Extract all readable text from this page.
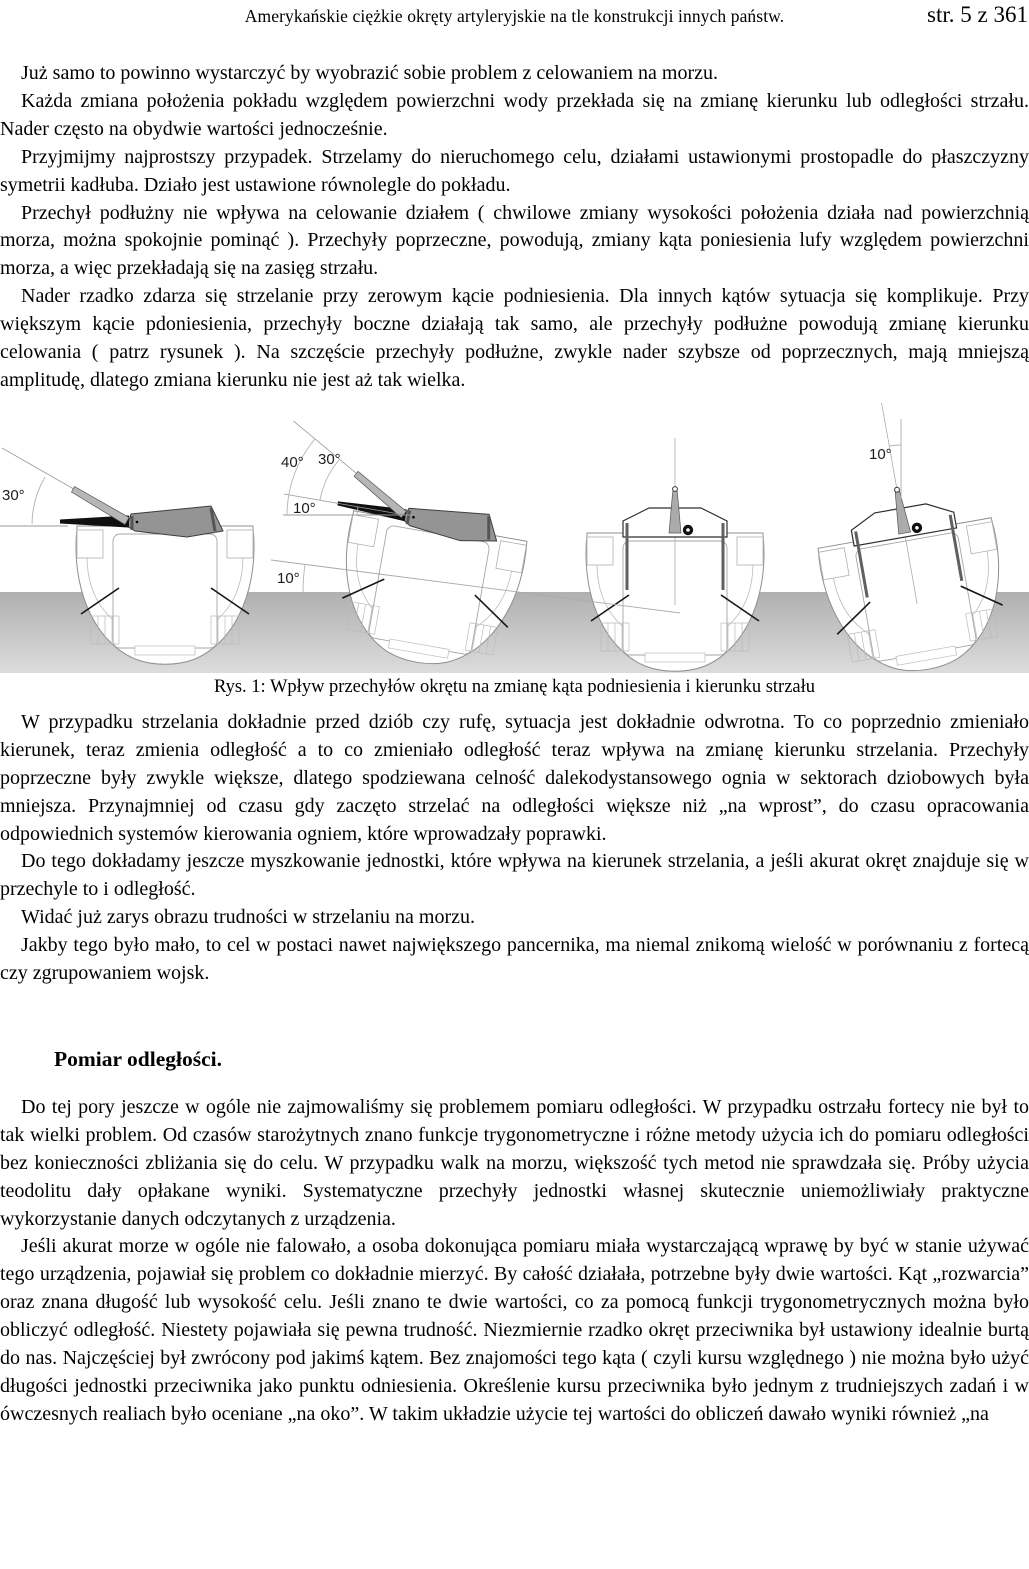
Amerykańskie ciężkie okręty artyleryjskie na tle konstrukcji innych państw.	str. 5 z 361

Już samo to powinno wystarczyć by wyobrazić sobie problem z celowaniem na morzu.

Każda zmiana położenia pokładu względem powierzchni wody przekłada się na zmianę kierunku lub odległości strzału. Nader często na obydwie wartości jednocześnie.

Przyjmijmy najprostszy przypadek. Strzelamy do nieruchomego celu, działami ustawionymi prostopadle do płaszczyzny symetrii kadłuba. Działo jest ustawione równolegle do pokładu.

Przechył podłużny nie wpływa na celowanie działem ( chwilowe zmiany wysokości położenia działa nad powierzchnią morza, można spokojnie pominąć ). Przechyły poprzeczne, powodują, zmiany kąta poniesienia lufy względem powierzchni morza, a więc przekładają się na zasięg strzału.

Nader rzadko zdarza się strzelanie przy zerowym kącie podniesienia. Dla innych kątów sytuacja się komplikuje. Przy większym kącie pdoniesienia, przechyły boczne działają tak samo, ale przechyły podłużne powodują zmianę kierunku celowania ( patrz rysunek ). Na szczęście przechyły podłużne, zwykle nader szybsze od poprzecznych, mają mniejszą amplitudę, dlatego zmiana kierunku nie jest aż tak wielka.

30°
40° 30°
10°
10°
10°
Rys. 1: Wpływ przechyłów okrętu na zmianę kąta podniesienia i kierunku strzału

W przypadku strzelania dokładnie przed dziób czy rufę, sytuacja jest dokładnie odwrotna. To co poprzednio zmieniało kierunek, teraz zmienia odległość a to co zmieniało odległość teraz wpływa na zmianę kierunku strzelania. Przechyły poprzeczne były zwykle większe, dlatego spodziewana celność dalekodystansowego ognia w sektorach dziobowych była mniejsza. Przynajmniej od czasu gdy zaczęto strzelać na odległości większe niż „na wprost”, do czasu opracowania odpowiednich systemów kierowania ogniem, które wprowadzały poprawki.

Do tego dokładamy jeszcze myszkowanie jednostki, które wpływa na kierunek strzelania, a jeśli akurat okręt znajduje się w przechyle to i odległość.

Widać już zarys obrazu trudności w strzelaniu na morzu.

Jakby tego było mało, to cel w postaci nawet największego pancernika, ma niemal znikomą wielość w porównaniu z fortecą czy zgrupowaniem wojsk.

Pomiar odległości.

Do tej pory jeszcze w ogóle nie zajmowaliśmy się problemem pomiaru odległości. W przypadku ostrzału fortecy nie był to tak wielki problem. Od czasów starożytnych znano funkcje trygonometryczne i różne metody użycia ich do pomiaru odległości bez konieczności zbliżania się do celu. W przypadku walk na morzu, większość tych metod nie sprawdzała się. Próby użycia teodolitu dały opłakane wyniki. Systematyczne przechyły jednostki własnej skutecznie uniemożliwiały praktyczne wykorzystanie danych odczytanych z urządzenia.

Jeśli akurat morze w ogóle nie falowało, a osoba dokonująca pomiaru miała wystarczającą wprawę by być w stanie używać tego urządzenia, pojawiał się problem co dokładnie mierzyć. By całość działała, potrzebne były dwie wartości. Kąt „rozwarcia” oraz znana długość lub wysokość celu. Jeśli znano te dwie wartości, co za pomocą funkcji trygonometrycznych można było obliczyć odległość. Niestety pojawiała się pewna trudność. Niezmiernie rzadko okręt przeciwnika był ustawiony idealnie burtą do nas. Najczęściej był zwrócony pod jakimś kątem. Bez znajomości tego kąta ( czyli kursu względnego ) nie można było użyć długości jednostki przeciwnika jako punktu odniesienia. Określenie kursu przeciwnika było jednym z trudniejszych zadań i w ówczesnych realiach było oceniane „na oko”. W takim układzie użycie tej wartości do obliczeń dawało wyniki również „na
